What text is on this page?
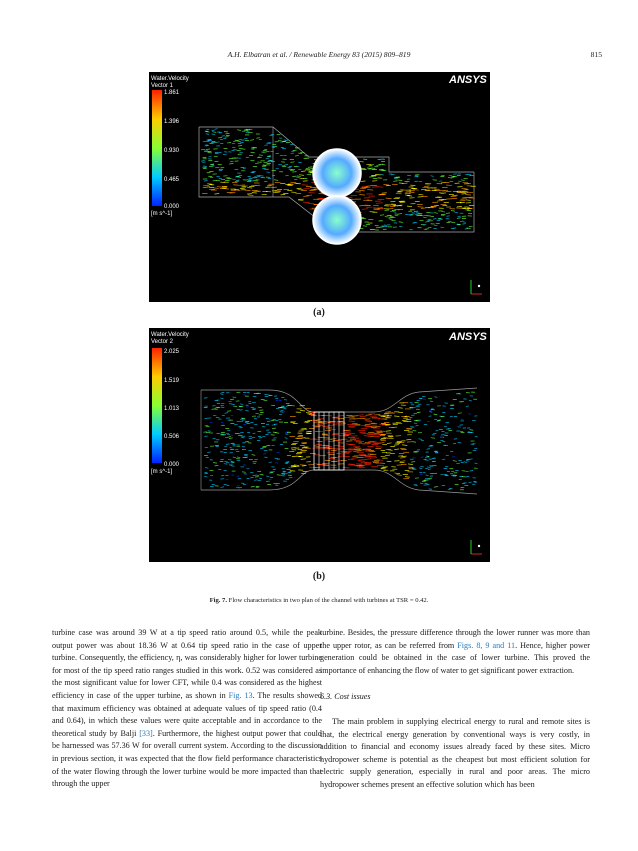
A.H. Elbatran et al. / Renewable Energy 83 (2015) 809–819	815
Water.Velocity
Vector 1
1.861
1.396
0.930
0.465
0.000
[m s^-1]
ANSYS
(a)
Water.Velocity
Vector 2
2.025
1.519
1.013
0.506
0.000
[m s^-1]
ANSYS
(b)
Fig. 7. Flow characteristics in two plan of the channel with turbines at TSR = 0.42.

turbine case was around 39 W at a tip speed ratio around 0.5, while the peak output power was about 18.36 W at 0.64 tip speed ratio in the case of upper turbine. Consequently, the efficiency, η, was considerably higher for lower turbine for most of the tip speed ratio ranges studied in this work. 0.52 was considered as the most significant value for lower CFT, while 0.4 was considered as the highest efficiency in case of the upper turbine, as shown in Fig. 13. The results showed that maximum efficiency was obtained at adequate values of tip speed ratio (0.4 and 0.64), in which these values were quite acceptable and in accordance to the theoretical study by Balji [33]. Furthermore, the highest output power that could be harnessed was 57.36 W for overall current system. According to the discussion in previous section, it was expected that the flow field performance characteristics of the water flowing through the lower turbine would be more impacted than that through the upper

turbine. Besides, the pressure difference through the lower runner was more than the upper rotor, as can be referred from Figs. 8, 9 and 11. Hence, higher power generation could be obtained in the case of lower turbine. This proved the importance of enhancing the flow of water to get significant power extraction.

6.3. Cost issues

The main problem in supplying electrical energy to rural and remote sites is that, the electrical energy generation by conventional ways is very costly, in addition to financial and economy issues already faced by these sites. Micro hydropower scheme is potential as the cheapest but most efficient solution for electric supply generation, especially in rural and poor areas. The micro hydropower schemes present an effective solution which has been
